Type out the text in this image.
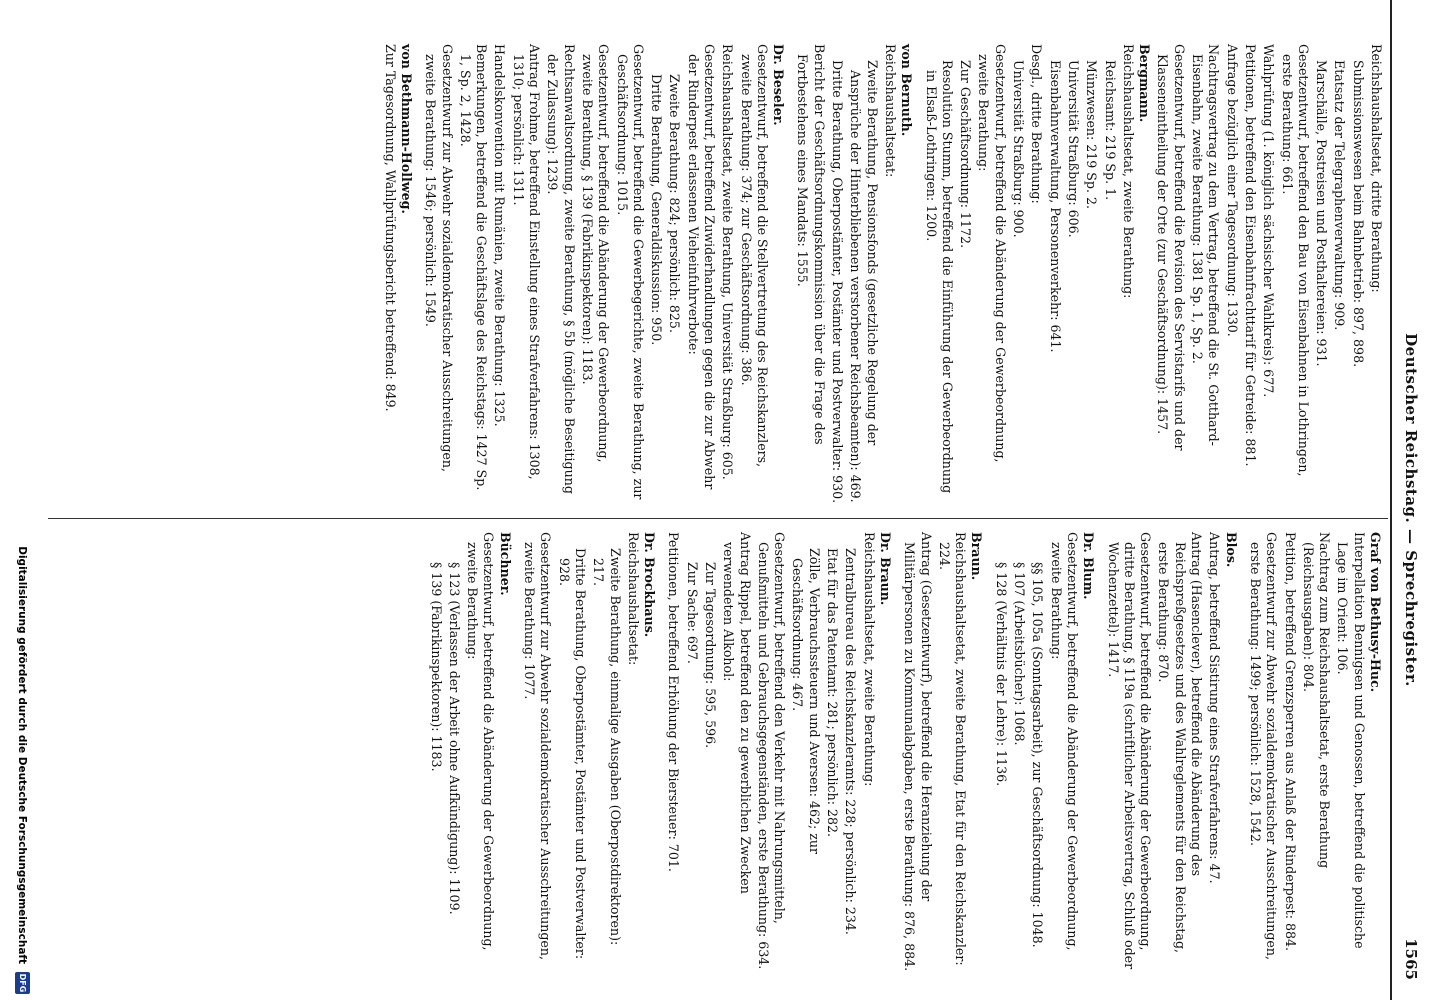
Deutscher Reichstag. — Sprechregister.
1565
Reichshaushaltsetat, dritte Berathung:
Submissionswesen beim Bahnbetrieb: 897, 898.
Etatsatz der Telegraphenverwaltung: 909.
Marschälle, Postreisen und Posthaltereien: 931.
Gesetzentwurf, betreffend den Bau von Eisenbahnen in Lothringen, erste Berathung: 661.
Wahlprüfung (1. königlich sächsischer Wahlkreis): 677.
Petitionen, betreffend den Eisenbahnfrachttarif für Getreide: 881.
Anfrage bezüglich einer Tagesordnung: 1330.
Nachtragsvertrag zu dem Vertrag, betreffend die St. Gotthard-Eisenbahn, zweite Berathung: 1381 Sp. 1, Sp. 2.
Gesetzentwurf, betreffend die Revision des Servistarifs und der Klasseneintheilung der Orte (zur Geschäftsordnung): 1457.
Bergmann.
Reichshaushaltsetat, zweite Berathung:
Reichsamt: 219 Sp. 1.
Münzwesen: 219 Sp. 2.
Universität Straßburg: 606.
Eisenbahnverwaltung, Personenverkehr: 641.
Desgl., dritte Berathung:
Universität Straßburg: 900.
Gesetzentwurf, betreffend die Abänderung der Gewerbeordnung, zweite Berathung:
Zur Geschäftsordnung: 1172.
Resolution Stumm, betreffend die Einführung der Gewerbeordnung in Elsaß-Lothringen: 1200.
von Bernuth.
Reichshaushaltsetat:
Zweite Berathung, Pensionsfonds (gesetzliche Regelung der Ansprüche der Hinterbliebenen verstorbener Reichsbeamten): 469.
Dritte Berathung, Oberpostämter, Postämter und Postverwalter: 930.
Bericht der Geschäftsordnungskommission über die Frage des Fortbestehens eines Mandats: 1555.
Dr. Beseler.
Gesetzentwurf, betreffend die Stellvertretung des Reichskanzlers, zweite Berathung: 374; zur Geschäftsordnung: 386.
Reichshaushaltsetat, zweite Berathung, Universität Straßburg: 605.
Gesetzentwurf, betreffend Zuwiderhandlungen gegen die zur Abwehr der Rinderpest erlassenen Vieheinfuhrverbote:
Zweite Berathung: 824; persönlich: 825.
Dritte Berathung, Generaldiskussion: 950.
Gesetzentwurf, betreffend die Gewerbegerichte, zweite Berathung, zur Geschäftsordnung: 1015.
Gesetzentwurf, betreffend die Abänderung der Gewerbeordnung, zweite Berathung, § 139 (Fabrikinspektoren): 1183.
Rechtsanwaltsordnung, zweite Berathung, § 5b (mögliche Beseitigung der Zulassung): 1239.
Antrag Frohme, betreffend Einstellung eines Strafverfahrens: 1308, 1310; persönlich: 1311.
Handelskonvention mit Rumänien, zweite Berathung: 1325.
Bemerkungen, betreffend die Geschäftslage des Reichstags: 1427 Sp. 1, Sp. 2, 1428.
Gesetzentwurf zur Abwehr sozialdemokratischer Ausschreitungen, zweite Berathung: 1546; persönlich: 1549.
von Bethmann-Hollweg.
Zur Tagesordnung, Wahlprüfungsbericht betreffend: 849.
Graf von Bethusy-Huc.
Interpellation Bennigsen und Genossen, betreffend die politische Lage im Orient: 106.
Nachtrag zum Reichshaushaltsetat, erste Berathung (Reichsausgaben): 804.
Petition, betreffend Grenzsperren aus Anlaß der Rinderpest: 884.
Gesetzentwurf zur Abwehr sozialdemokratischer Ausschreitungen, erste Berathung: 1499; persönlich: 1528, 1542.
Blos.
Antrag, betreffend Sistirung eines Strafverfahrens: 47.
Antrag (Hasenclever), betreffend die Abänderung des Reichspreßgesetzes und des Wahlreglements für den Reichstag, erste Berathung: 870.
Gesetzentwurf, betreffend die Abänderung der Gewerbeordnung, dritte Berathung, § 119a (schriftlicher Arbeitsvertrag, Schluß oder Wochenzettel): 1417.
Dr. Blum.
Gesetzentwurf, betreffend die Abänderung der Gewerbeordnung, zweite Berathung:
§§ 105, 105a (Sonntagsarbeit), zur Geschäftsordnung: 1048.
§ 107 (Arbeitsbücher): 1068.
§ 128 (Verhältnis der Lehre): 1136.
Braun.
Reichshaushaltsetat, zweite Berathung, Etat für den Reichskanzler: 224.
Antrag (Gesetzentwurf), betreffend die Heranziehung der Militärpersonen zu Kommunalabgaben, erste Berathung: 876, 884.
Dr. Braun.
Reichshaushaltsetat, zweite Berathung:
Zentralbureau des Reichskanzleramts: 228; persönlich: 234.
Etat für das Patentamt: 281; persönlich: 282.
Zölle, Verbrauchssteuern und Aversen: 462; zur Geschäftsordnung: 467.
Gesetzentwurf, betreffend den Verkehr mit Nahrungsmitteln, Genußmitteln und Gebrauchsgegenständen, erste Berathung: 634.
Antrag Rippel, betreffend den zu gewerblichen Zwecken verwendeten Alkohol:
Zur Tagesordnung: 595, 596.
Zur Sache: 697.
Petitionen, betreffend Erhöhung der Biersteuer: 701.
Dr. Brockhaus.
Reichshaushaltsetat:
Zweite Berathung, einmalige Ausgaben (Oberpostdirektoren): 217.
Dritte Berathung, Oberpostämter, Postämter und Postverwalter: 928.
Gesetzentwurf zur Abwehr sozialdemokratischer Ausschreitungen, zweite Berathung: 1077.
Büchner.
Gesetzentwurf, betreffend die Abänderung der Gewerbeordnung, zweite Berathung:
§ 123 (Verlassen der Arbeit ohne Aufkündigung): 1109.
§ 139 (Fabrikinspektoren): 1183.
Digitalisierung gefördert durch die Deutsche Forschungsgemeinschaft
DFG
